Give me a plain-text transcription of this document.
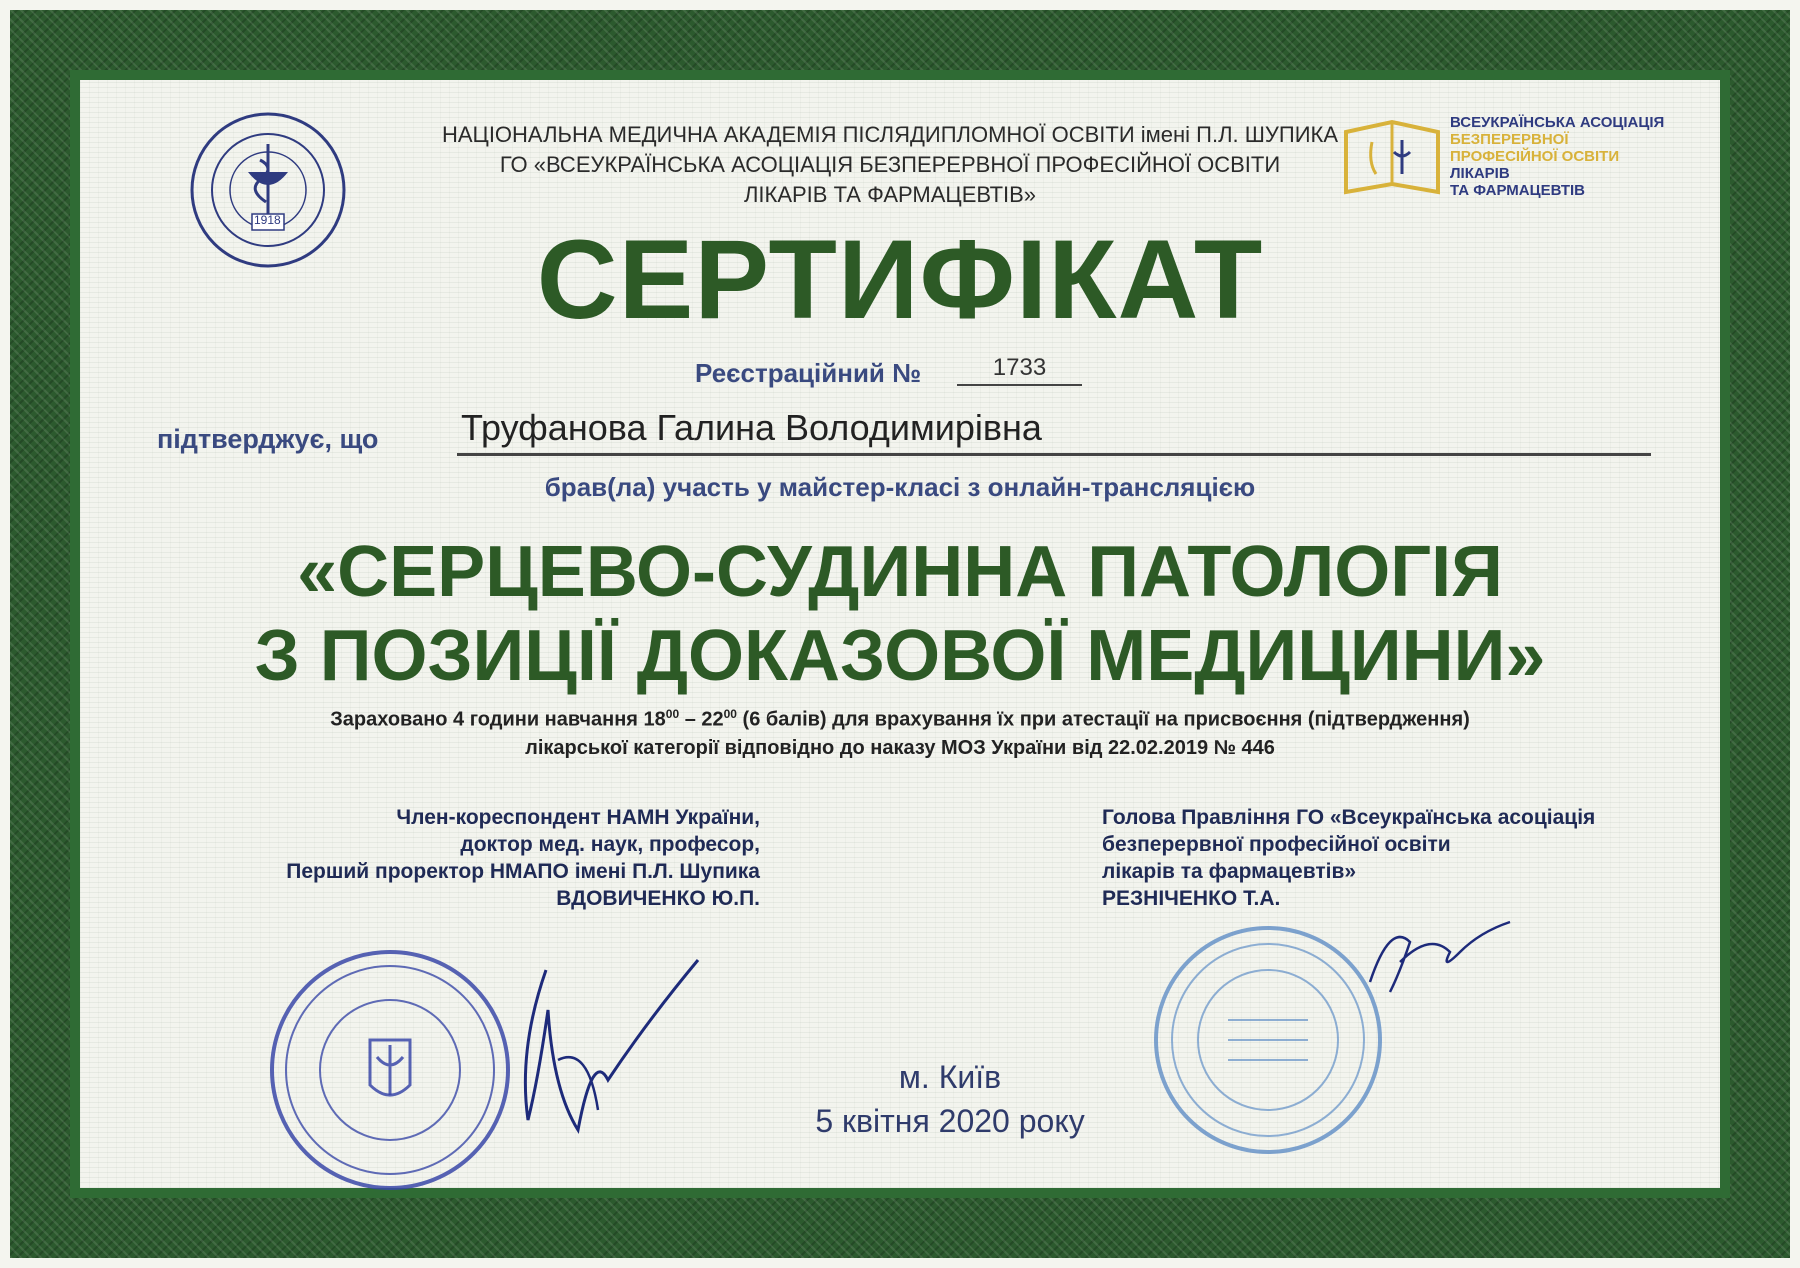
1918
НАЦІОНАЛЬНА МЕДИЧНА АКАДЕМІЯ ПІСЛЯДИПЛОМНОЇ ОСВІТИ імені П.Л. ШУПИКА
ГО «ВСЕУКРАЇНСЬКА АСОЦІАЦІЯ БЕЗПЕРЕРВНОЇ ПРОФЕСІЙНОЇ ОСВІТИ
ЛІКАРІВ ТА ФАРМАЦЕВТІВ»
ВСЕУКРАЇНСЬКА АСОЦІАЦІЯ
БЕЗПЕРЕРВНОЇ
ПРОФЕСІЙНОЇ ОСВІТИ
ЛІКАРІВ
ТА ФАРМАЦЕВТІВ
СЕРТИФІКАТ
Реєстраційний №	1733
підтверджує, що Труфанова Галина Володимирівна
брав(ла) участь у майстер-класі з онлайн-трансляцією
«СЕРЦЕВО-СУДИННА ПАТОЛОГІЯ
З ПОЗИЦІЇ ДОКАЗОВОЇ МЕДИЦИНИ»
Зараховано 4 години навчання $18^{00} - 22^{00}$ (6 балів) для врахування їх при атестації на присвоєння (підтвердження)
лікарської категорії відповідно до наказу МОЗ України від 22.02.2019 № 446
Член-кореспондент НАМН України,
доктор мед. наук, професор,
Перший проректор НМАПО імені П.Л. Шупика
ВДОВИЧЕНКО Ю.П.
Голова Правління ГО «Всеукраїнська асоціація
безперервної професійної освіти
лікарів та фармацевтів»
РЕЗНІЧЕНКО Т.А.
м. Київ
5 квітня 2020 року
